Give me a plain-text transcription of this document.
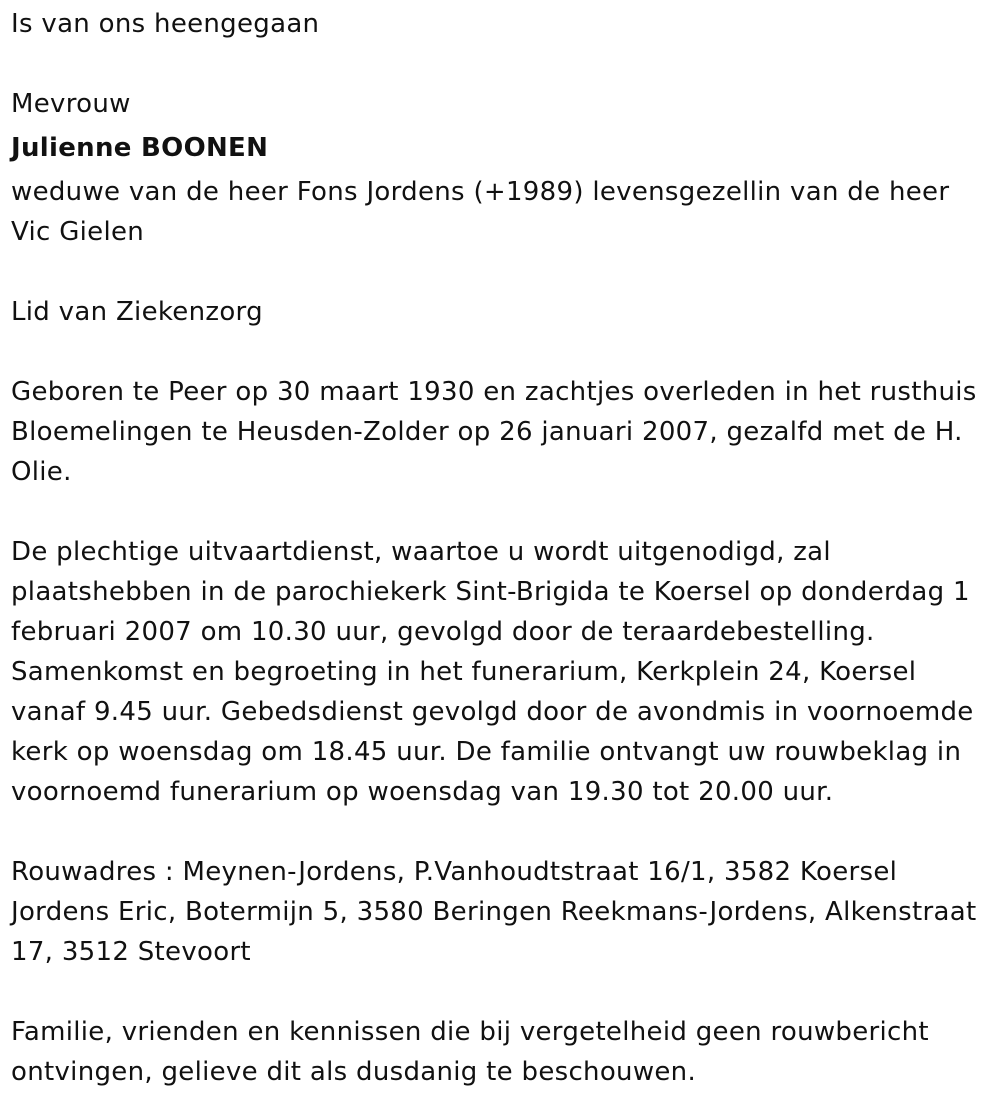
Is van ons heengegaan

Mevrouw

Julienne BOONEN

weduwe van de heer Fons Jordens (+1989) levensgezellin van de heer Vic Gielen

Lid van Ziekenzorg

Geboren te Peer op 30 maart 1930 en zachtjes overleden in het rusthuis Bloemelingen te Heusden-Zolder op 26 januari 2007, gezalfd met de H. Olie.

De plechtige uitvaartdienst, waartoe u wordt uitgenodigd, zal plaatshebben in de parochiekerk Sint-Brigida te Koersel op donderdag 1 februari 2007 om 10.30 uur, gevolgd door de teraardebestelling. Samenkomst en begroeting in het funerarium, Kerkplein 24, Koersel vanaf 9.45 uur. Gebedsdienst gevolgd door de avondmis in voornoemde kerk op woensdag om 18.45 uur. De familie ontvangt uw rouwbeklag in voornoemd funerarium op woensdag van 19.30 tot 20.00 uur.

Rouwadres : Meynen-Jordens, P.Vanhoudtstraat 16/1, 3582 Koersel Jordens Eric, Botermijn 5, 3580 Beringen Reekmans-Jordens, Alkenstraat 17, 3512 Stevoort

Familie, vrienden en kennissen die bij vergetelheid geen rouwbericht ontvingen, gelieve dit als dusdanig te beschouwen.
